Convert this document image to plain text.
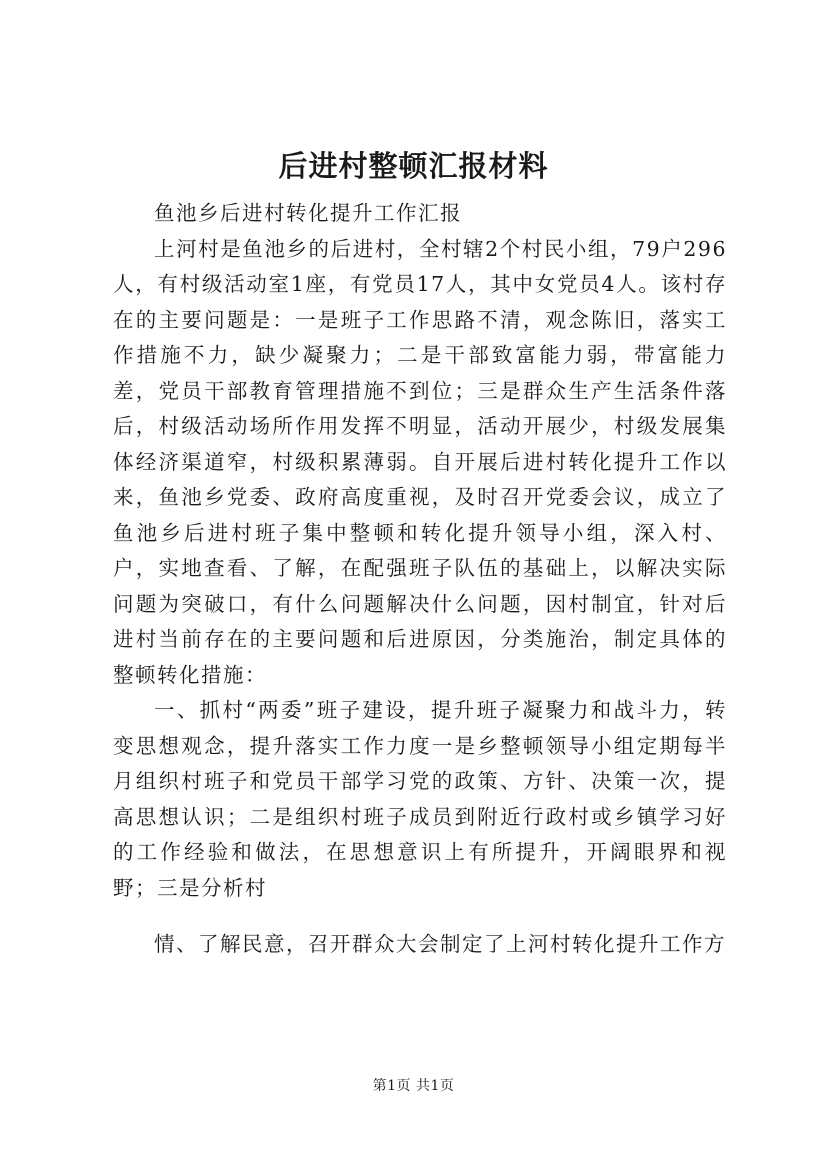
后进村整顿汇报材料

鱼池乡后进村转化提升工作汇报

上河村是鱼池乡的后进村，全村辖2个村民小组，79户296人，有村级活动室1座，有党员17人，其中女党员4人。该村存在的主要问题是：一是班子工作思路不清，观念陈旧，落实工作措施不力，缺少凝聚力；二是干部致富能力弱，带富能力差，党员干部教育管理措施不到位；三是群众生产生活条件落后，村级活动场所作用发挥不明显，活动开展少，村级发展集体经济渠道窄，村级积累薄弱。自开展后进村转化提升工作以来，鱼池乡党委、政府高度重视，及时召开党委会议，成立了鱼池乡后进村班子集中整顿和转化提升领导小组，深入村、户，实地查看、了解，在配强班子队伍的基础上，以解决实际问题为突破口，有什么问题解决什么问题，因村制宜，针对后进村当前存在的主要问题和后进原因，分类施治，制定具体的整顿转化措施：

一、抓村“两委”班子建设，提升班子凝聚力和战斗力，转变思想观念，提升落实工作力度一是乡整顿领导小组定期每半月组织村班子和党员干部学习党的政策、方针、决策一次，提高思想认识；二是组织村班子成员到附近行政村或乡镇学习好的工作经验和做法，在思想意识上有所提升，开阔眼界和视野；三是分析村

情、了解民意，召开群众大会制定了上河村转化提升工作方

第1页 共1页
